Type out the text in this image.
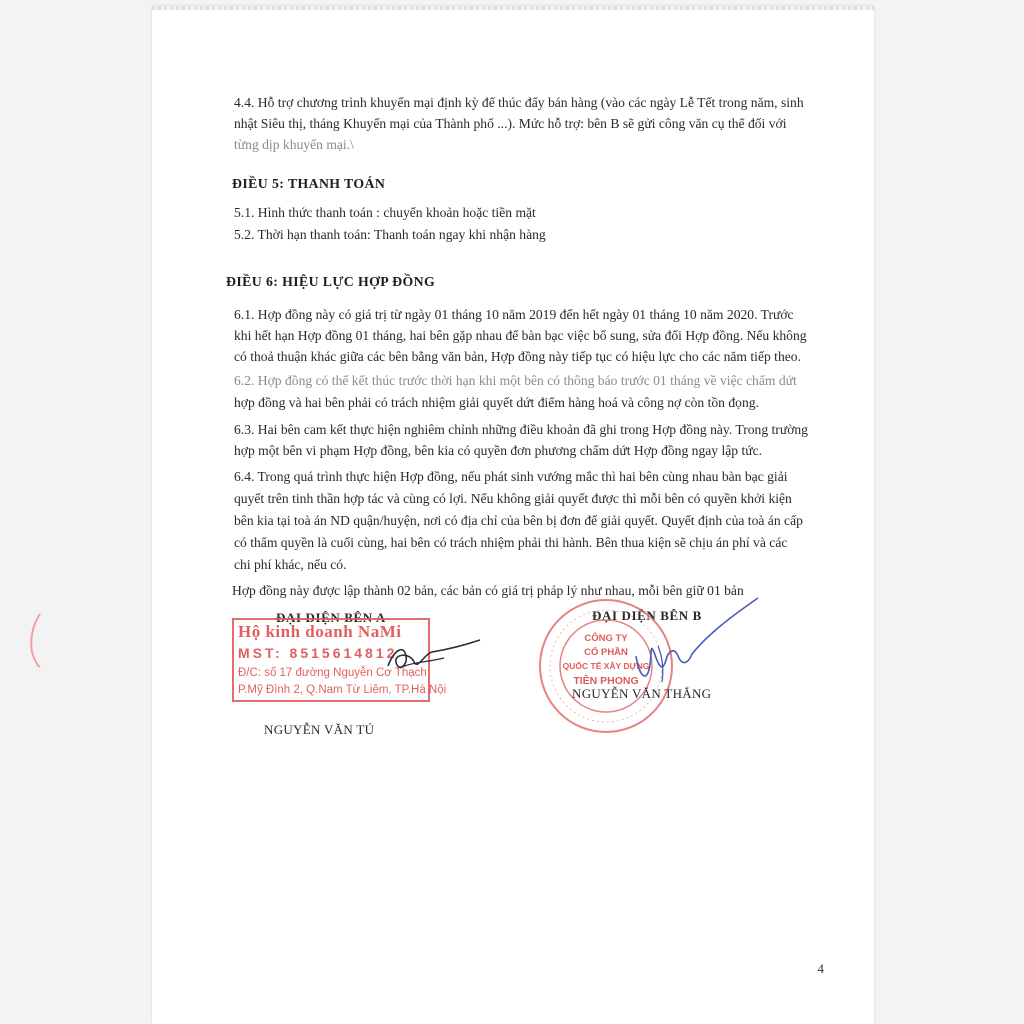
4.4. Hỗ trợ chương trình khuyến mại định kỳ để thúc đẩy bán hàng (vào các ngày Lễ Tết trong năm, sinh
nhật Siêu thị, tháng Khuyến mại của Thành phố ...). Mức hỗ trợ: bên B sẽ gửi công văn cụ thể đối với
từng dịp khuyến mại.\
ĐIỀU 5: THANH TOÁN
5.1. Hình thức thanh toán : chuyển khoản hoặc tiền mặt
5.2. Thời hạn thanh toán: Thanh toán ngay khi nhận hàng
ĐIỀU 6: HIỆU LỰC HỢP ĐỒNG
6.1. Hợp đồng này có giá trị từ ngày 01 tháng 10 năm 2019 đến hết ngày 01 tháng 10 năm 2020. Trước
khi hết hạn Hợp đồng 01 tháng, hai bên gặp nhau để bàn bạc việc bổ sung, sửa đổi Hợp đồng. Nếu không
có thoả thuận khác giữa các bên bằng văn bản, Hợp đồng này tiếp tục có hiệu lực cho các năm tiếp theo.
6.2. Hợp đồng có thể kết thúc trước thời hạn khi một bên có thông báo trước 01 tháng về việc chấm dứt
hợp đồng và hai bên phải có trách nhiệm giải quyết dứt điểm hàng hoá và công nợ còn tồn đọng.
6.3. Hai bên cam kết thực hiện nghiêm chỉnh những điều khoản đã ghi trong Hợp đồng này. Trong trường
hợp một bên vi phạm Hợp đồng, bên kia có quyền đơn phương chấm dứt Hợp đồng ngay lập tức.
6.4. Trong quá trình thực hiện Hợp đồng, nếu phát sinh vướng mắc thì hai bên cùng nhau bàn bạc giải
quyết trên tinh thần hợp tác và cùng có lợi. Nếu không giải quyết được thì mỗi bên có quyền khởi kiện
bên kia tại toà án ND quận/huyện, nơi có địa chỉ của bên bị đơn để giải quyết. Quyết định của toà án cấp
có thẩm quyền là cuối cùng, hai bên có trách nhiệm phải thi hành. Bên thua kiện sẽ chịu án phí và các
chi phí khác, nếu có.
Hợp đồng này được lập thành 02 bản, các bản có giá trị pháp lý như nhau, mỗi bên giữ 01 bản
ĐẠI DIỆN BÊN A
Hộ kinh doanh NaMi
MST: 8515614812
Đ/C: số 17 đường Nguyễn Cơ Thạch
P.Mỹ Đình 2, Q.Nam Từ Liêm, TP.Hà Nội
NGUYỄN VĂN TÚ
ĐẠI DIỆN BÊN B
CÔNG TY
CỔ PHẦN
QUỐC TẾ XÂY DỰNG
TIÊN PHONG
NGUYỄN VĂN THẮNG
4
